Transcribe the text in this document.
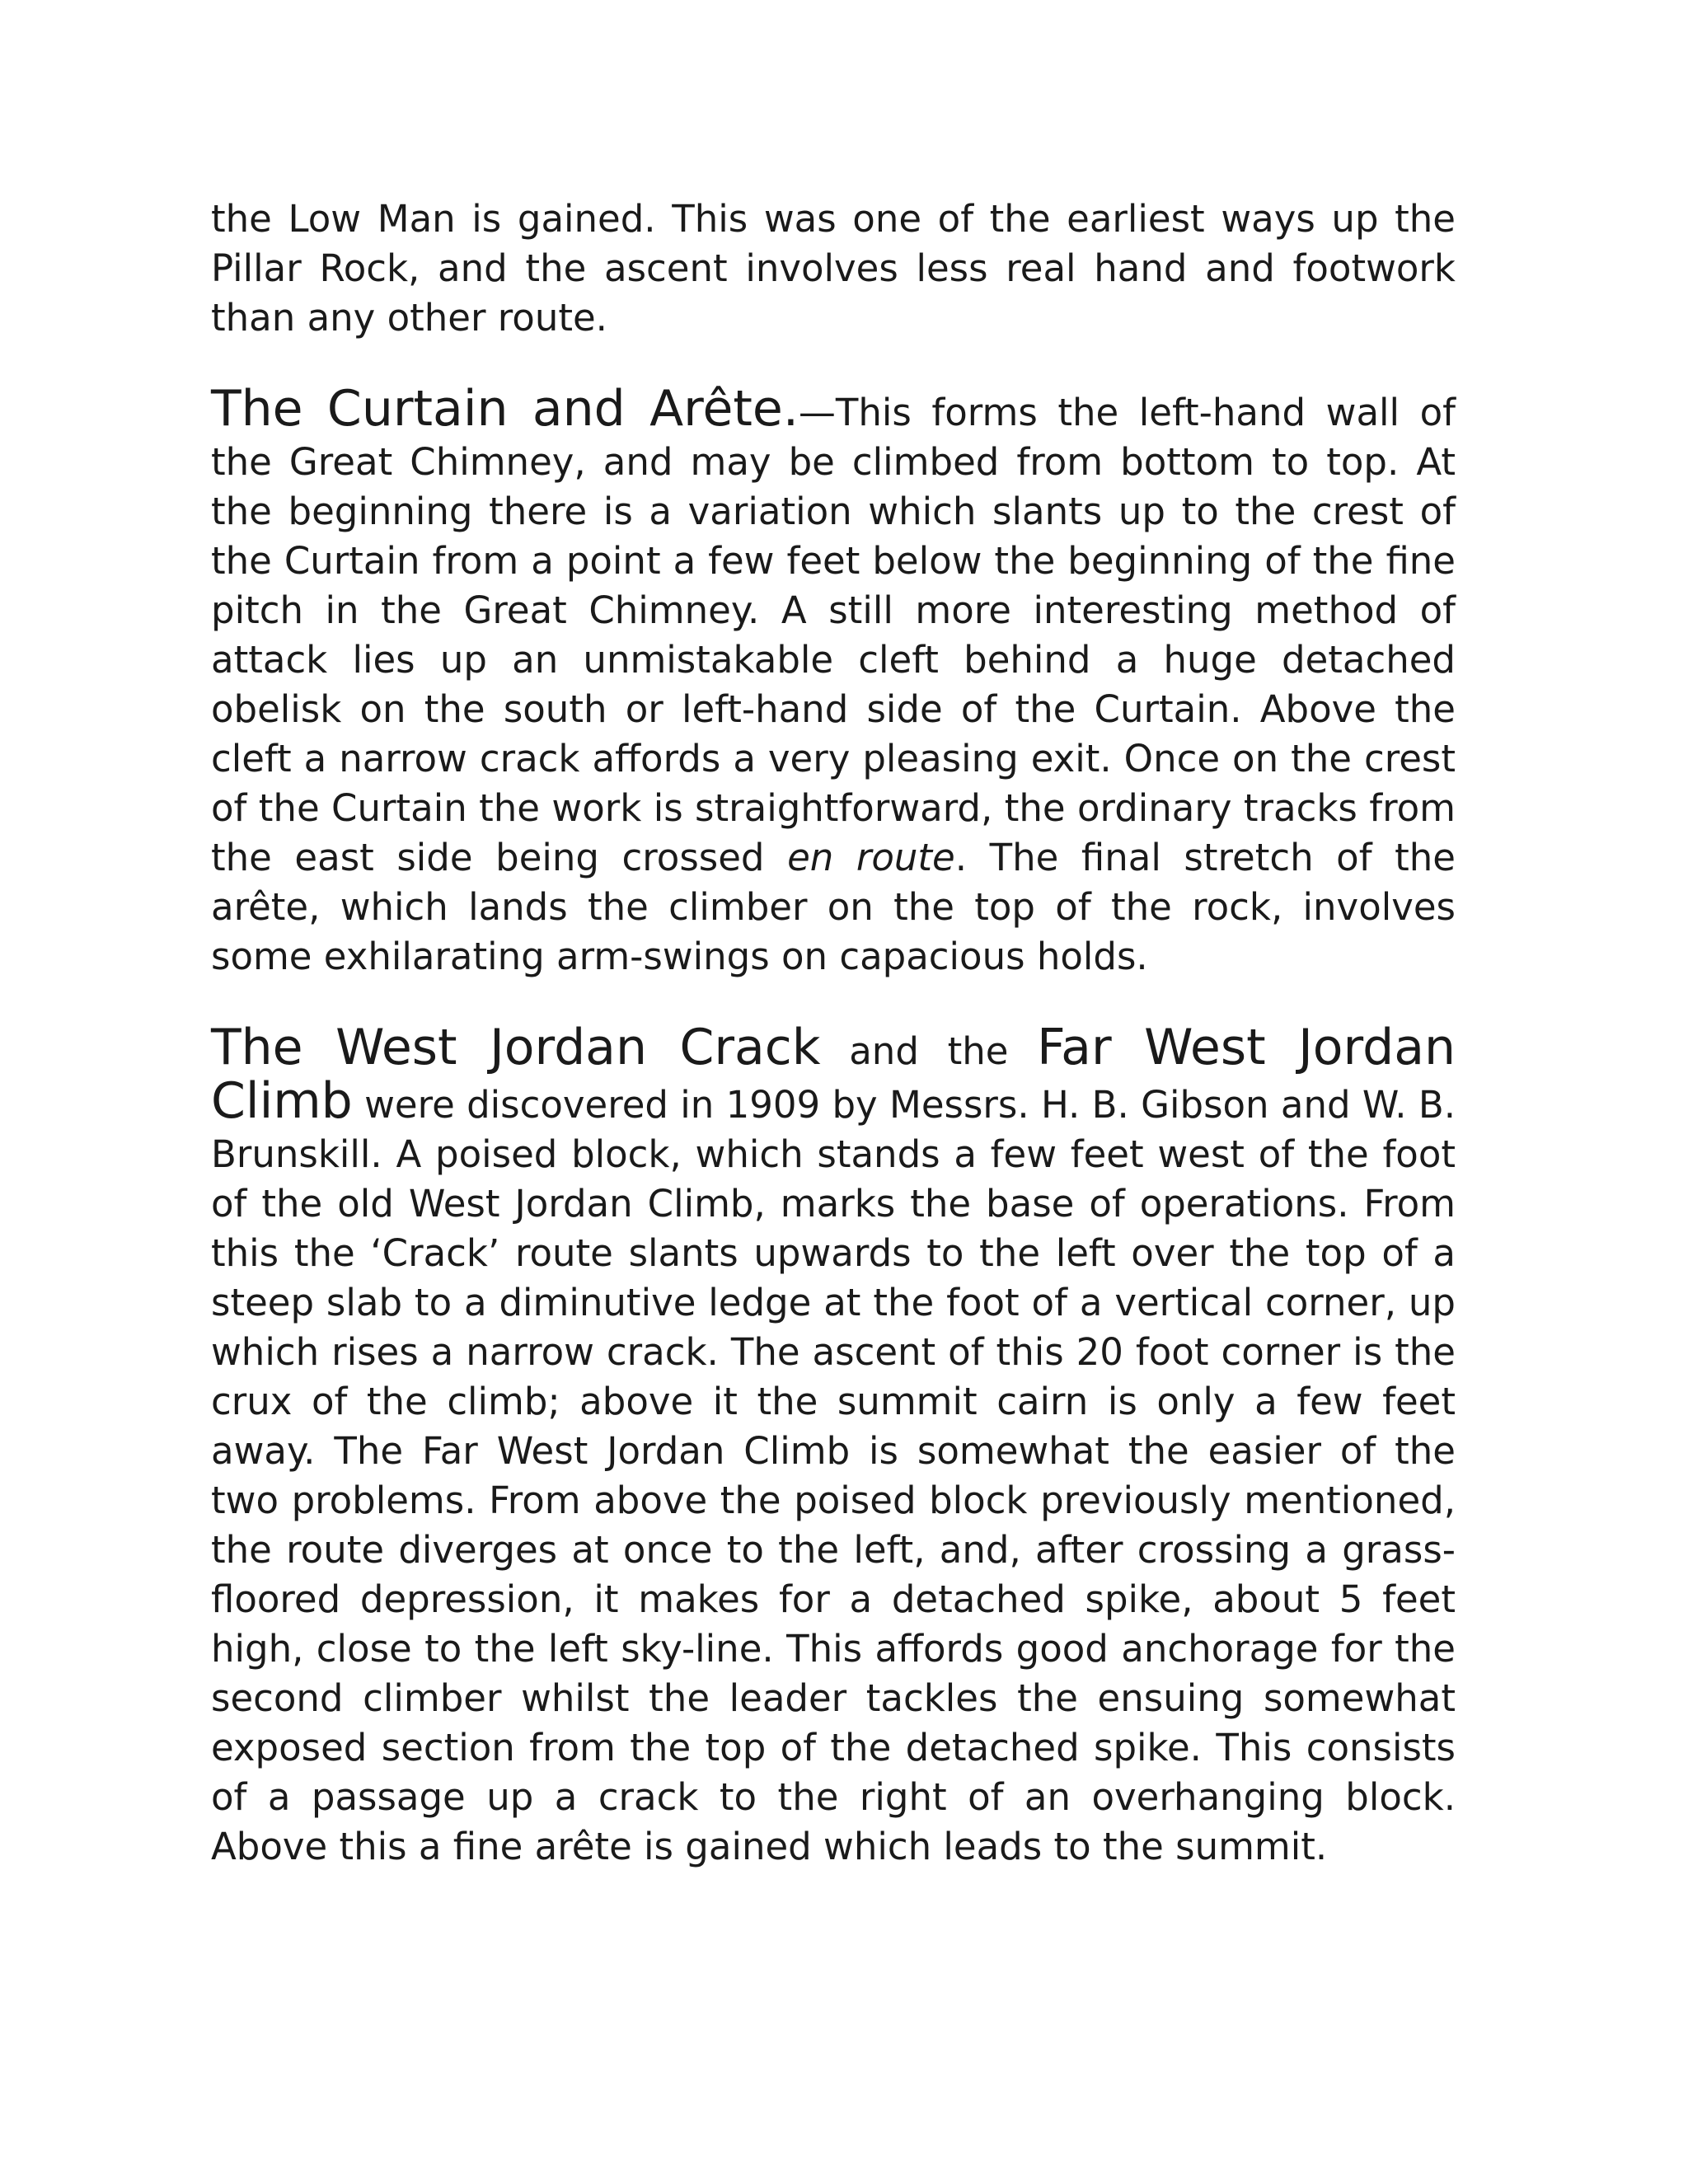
the Low Man is gained. This was one of the earliest ways up the Pillar Rock, and the ascent involves less real hand and footwork than any other route.

The Curtain and Arête.—This forms the left-hand wall of the Great Chimney, and may be climbed from bottom to top. At the beginning there is a variation which slants up to the crest of the Curtain from a point a few feet below the beginning of the fine pitch in the Great Chimney. A still more interesting method of attack lies up an unmistakable cleft behind a huge detached obelisk on the south or left-hand side of the Curtain. Above the cleft a narrow crack affords a very pleasing exit. Once on the crest of the Curtain the work is straightforward, the ordinary tracks from the east side being crossed en route. The final stretch of the arête, which lands the climber on the top of the rock, involves some exhilarating arm-swings on capacious holds.

The West Jordan Crack and the Far West Jordan Climb were discovered in 1909 by Messrs. H. B. Gibson and W. B. Brunskill. A poised block, which stands a few feet west of the foot of the old West Jordan Climb, marks the base of operations. From this the ‘Crack’ route slants upwards to the left over the top of a steep slab to a diminutive ledge at the foot of a vertical corner, up which rises a narrow crack. The ascent of this 20 foot corner is the crux of the climb; above it the summit cairn is only a few feet away. The Far West Jordan Climb is somewhat the easier of the two problems. From above the poised block previously mentioned, the route diverges at once to the left, and, after crossing a grass-floored depression, it makes for a detached spike, about 5 feet high, close to the left sky-line. This affords good anchorage for the second climber whilst the leader tackles the ensuing somewhat exposed section from the top of the detached spike. This consists of a passage up a crack to the right of an overhanging block. Above this a fine arête is gained which leads to the summit.
